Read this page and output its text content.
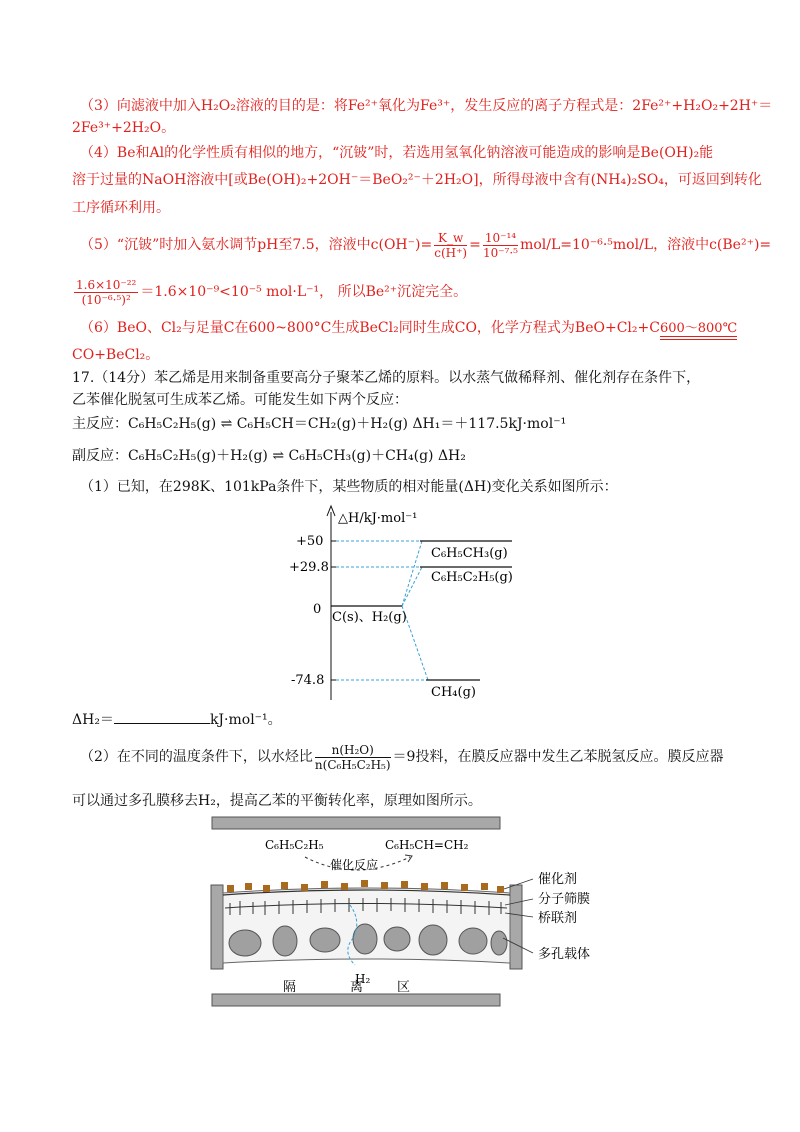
（3）向滤液中加入H₂O₂溶液的目的是：将Fe²⁺氧化为Fe³⁺，发生反应的离子方程式是：2Fe²⁺+H₂O₂+2H⁺＝
2Fe³⁺+2H₂O。
（4）Be和Al的化学性质有相似的地方，“沉铍”时，若选用氢氧化钠溶液可能造成的影响是Be(OH)₂能
溶于过量的NaOH溶液中[或Be(OH)₂+2OH⁻＝BeO₂²⁻＋2H₂O]，所得母液中含有(NH₄)₂SO₄，可返回到转化
工序循环利用。
（5）“沉铍”时加入氨水调节pH至7.5，溶液中$c(OH^-)= \frac{K\_w}{c(H^+)} = \frac{\text{10⁻¹⁴}}{\text{10⁻⁷·⁵}} mol/L=10^{-6}\cdot^5mol/L$，溶液中c(Be²⁺)=
$\frac{\text{1.6×10⁻²²}}{\text{(10⁻⁶·⁵)²}} =1.6\times 10^{-9}<10^{-5}$ mol·L⁻¹， 所以Be²⁺沉淀完全。
（6）BeO、Cl₂与足量C在600~800°C生成BeCl₂同时生成CO，化学方程式为BeO+Cl₂+C 600～800℃
CO+BeCl₂。
17.（14分）苯乙烯是用来制备重要高分子聚苯乙烯的原料。以水蒸气做稀释剂、催化剂存在条件下，
乙苯催化脱氢可生成苯乙烯。可能发生如下两个反应：
主反应：C₆H₅C₂H₅(g) ⇌ C₆H₅CH＝CH₂(g)＋H₂(g) ΔH₁＝＋117.5kJ·mol⁻¹
副反应：C₆H₅C₂H₅(g)＋H₂(g) ⇌ C₆H₅CH₃(g)＋CH₄(g) ΔH₂
（1）已知，在298K、101kPa条件下，某些物质的相对能量(ΔH)变化关系如图所示：
△H/kJ·mol⁻¹
+50
+29.8
0
-74.8
C₆H₅CH₃(g)
C₆H₅C₂H₅(g)
C(s)、H₂(g)
CH₄(g)
ΔH₂＝	kJ·mol⁻¹。
（2）在不同的温度条件下，以水烃比 $\frac{\text{n(H₂O)}}{\text{n(C₆H₅C₂H₅)}} =9$投料，在膜反应器中发生乙苯脱氢反应。膜反应器
可以通过多孔膜移去H₂，提高乙苯的平衡转化率，原理如图所示。
C₆H₅C₂H₅	C₆H₅CH=CH₂
催化反应
H₂
催化剂
分子筛膜
桥联剂
多孔载体
隔	离	区
